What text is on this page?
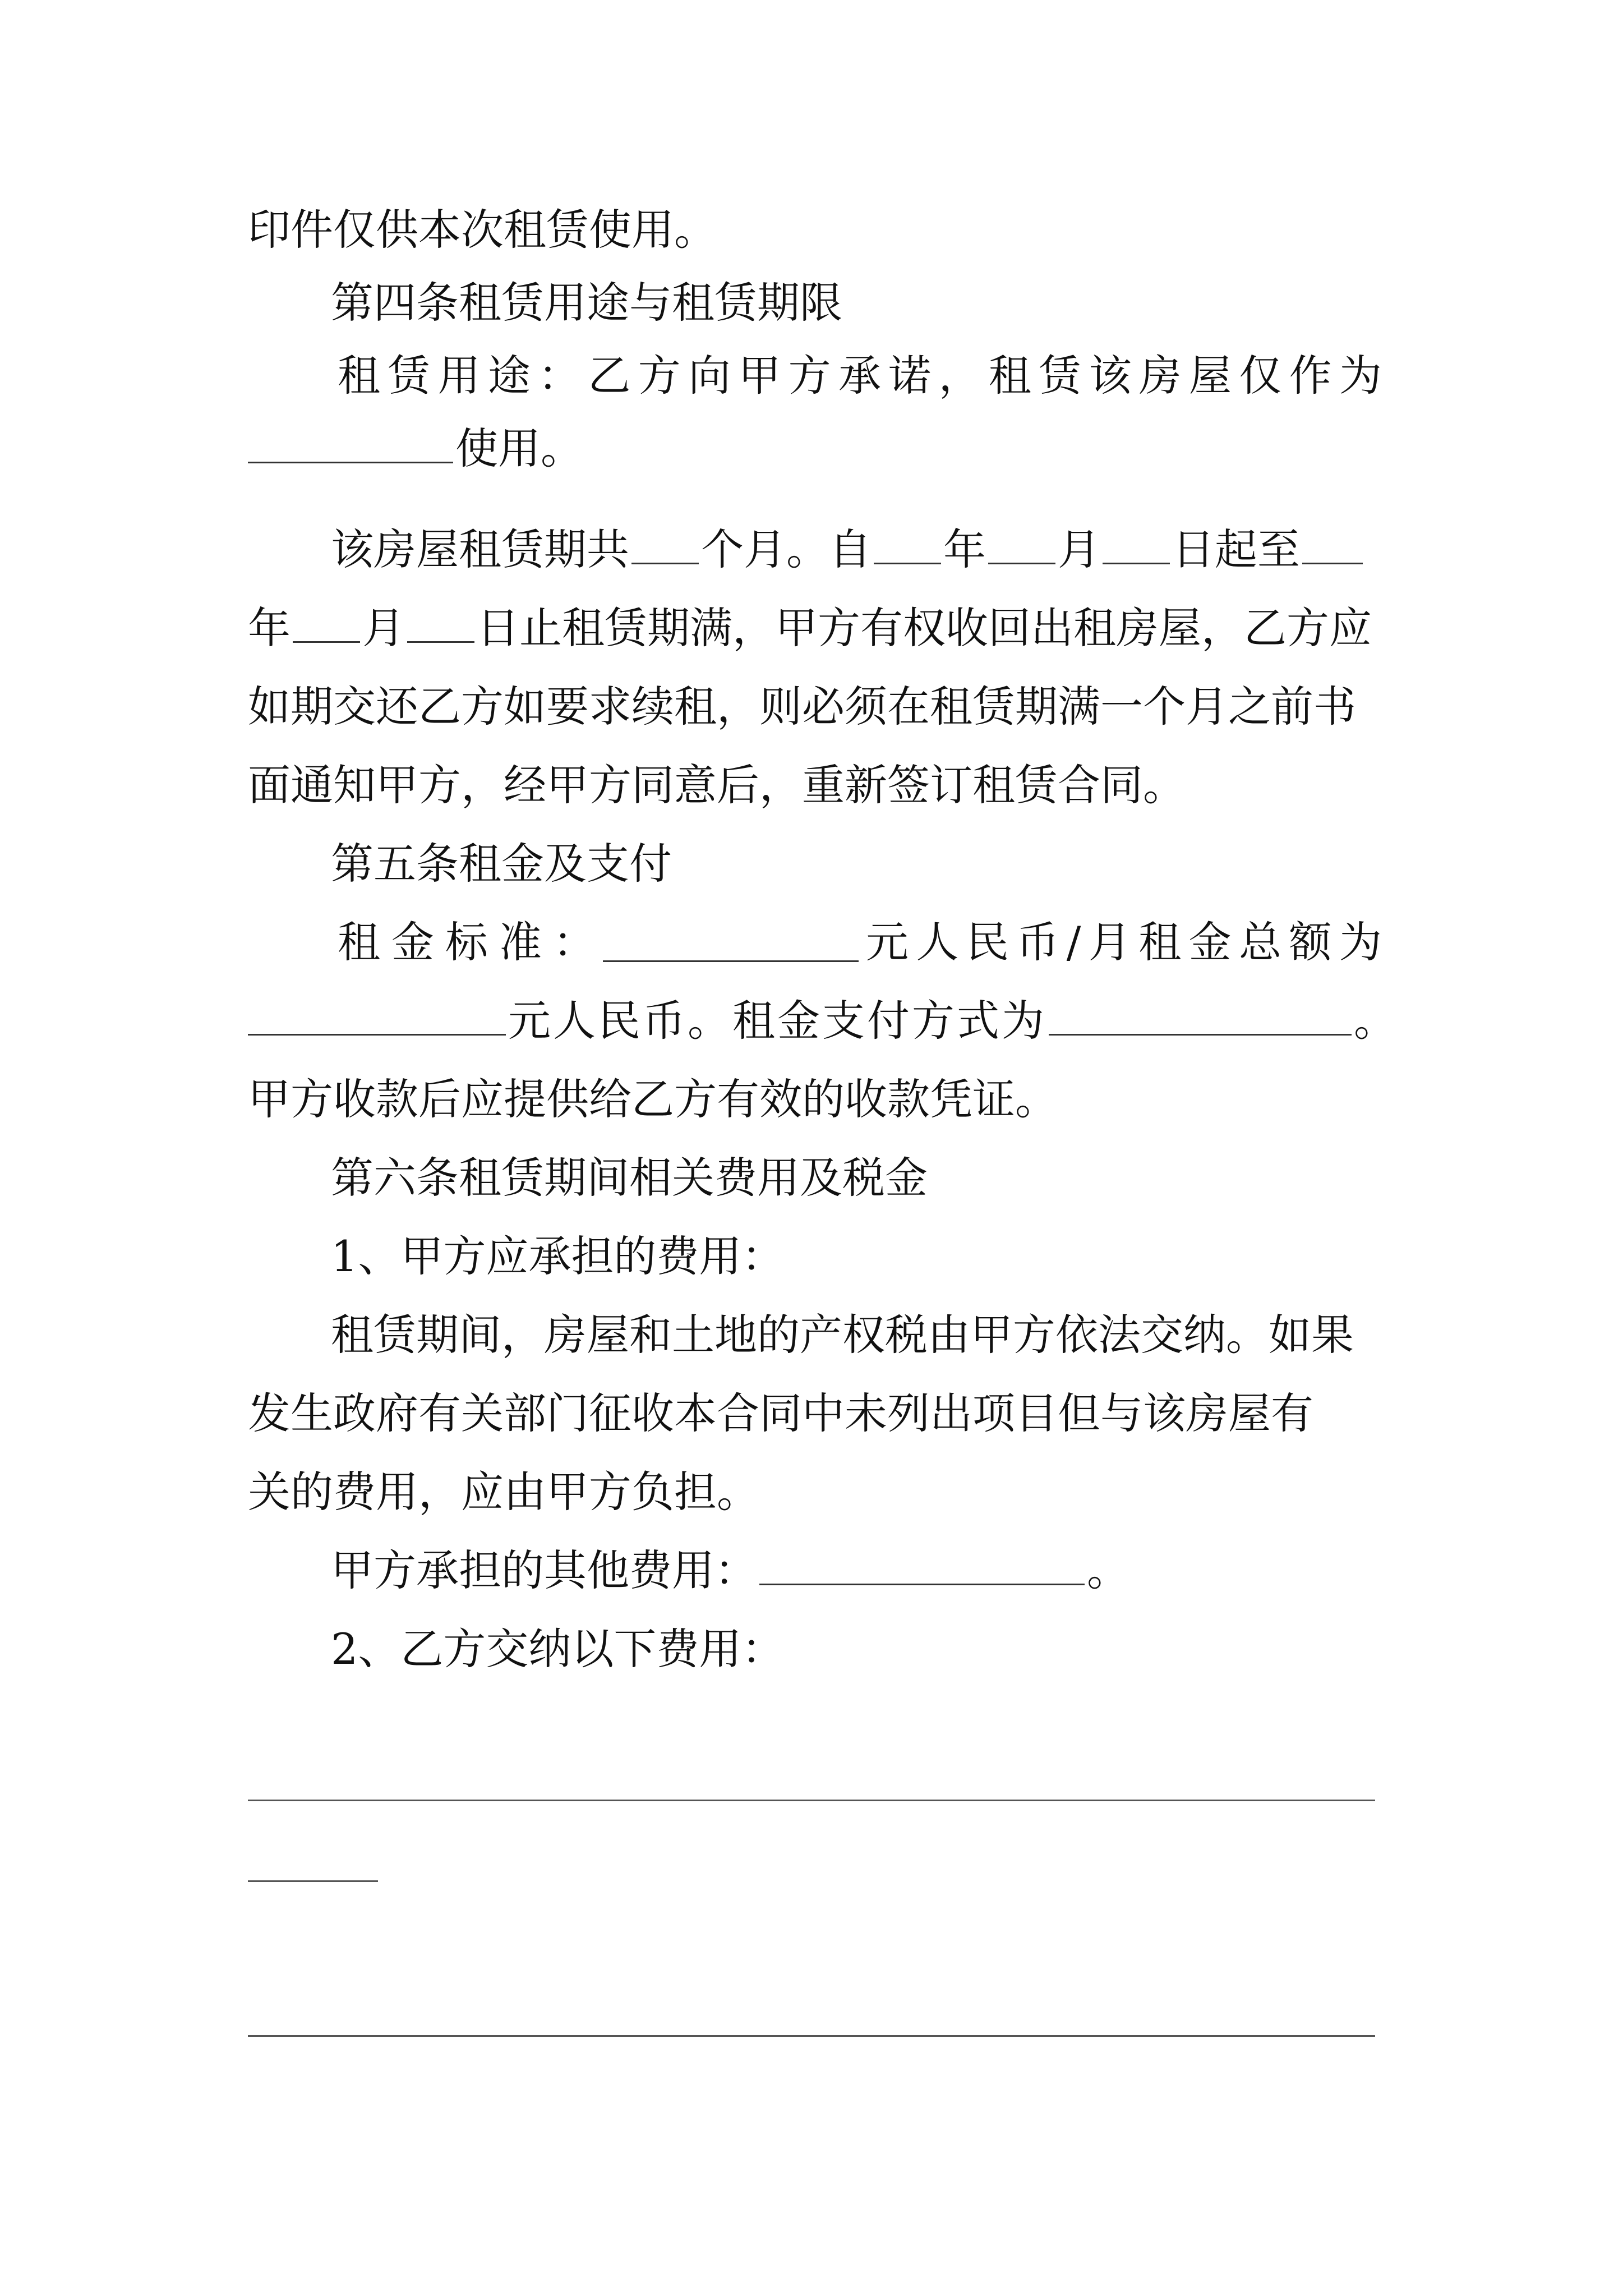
印件仅供本次租赁使用。

第四条租赁用途与租赁期限

租 赁 用 途 ： 乙 方 向 甲 方 承 诺 ， 租 赁 该 房 屋 仅 作 为

使用。

该房屋租赁期共 个月。自 年 月 日起至

年 月 日止租赁期满，甲方有权收回出租房屋，乙方应

如期交还乙方如要求续租，则必须在租赁期满一个月之前书

面通知甲方，经甲方同意后，重新签订租赁合同。

第五条租金及支付

租 金 标 准 ：	元 人 民 币 / 月 租 金 总 额 为

元人民币。租金支付方式为	。

甲方收款后应提供给乙方有效的收款凭证。

第六条租赁期间相关费用及税金

1、甲方应承担的费用：

租赁期间，房屋和土地的产权税由甲方依法交纳。如果

发生政府有关部门征收本合同中未列出项目但与该房屋有

关的费用，应由甲方负担。

甲方承担的其他费用：	。

2、乙方交纳以下费用：
